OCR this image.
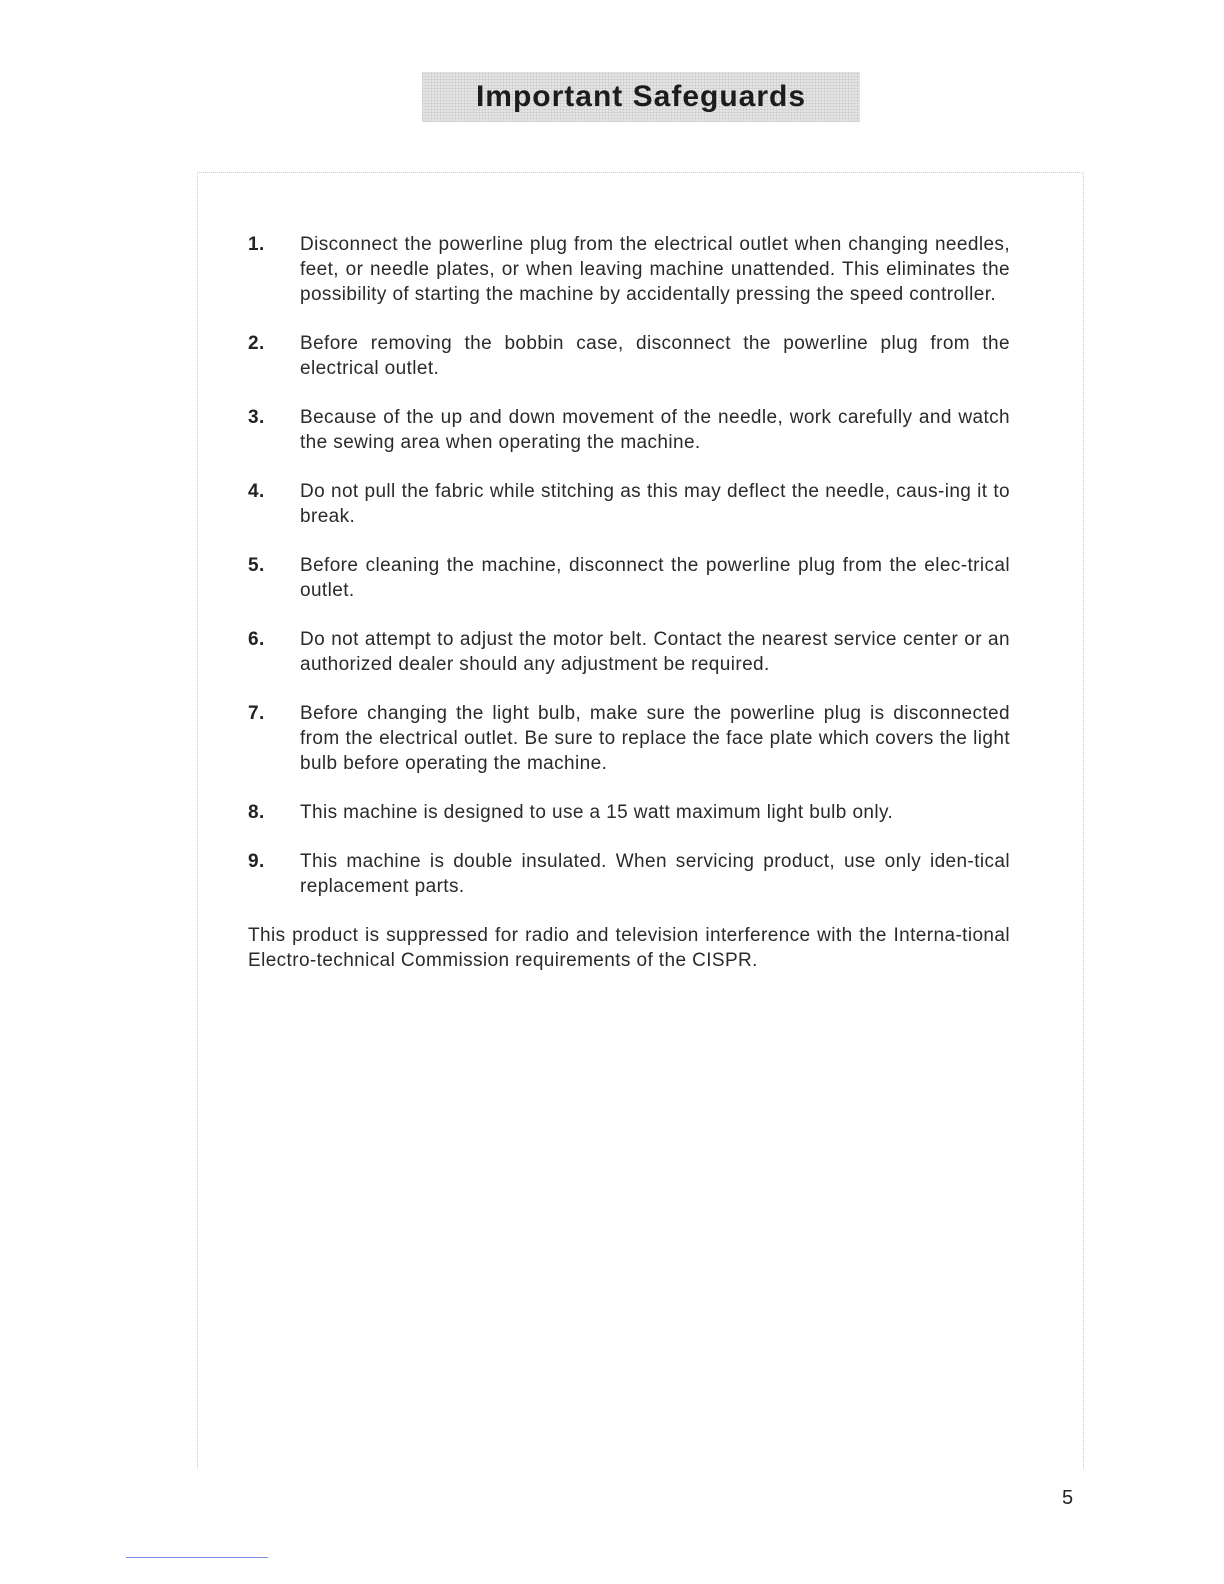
Important Safeguards
1.	Disconnect the powerline plug from the electrical outlet when changing needles, feet, or needle plates, or when leaving machine unattended. This eliminates the possibility of starting the machine by accidentally pressing the speed controller.
2.	Before removing the bobbin case, disconnect the powerline plug from the electrical outlet.
3.	Because of the up and down movement of the needle, work carefully and watch the sewing area when operating the machine.
4.	Do not pull the fabric while stitching as this may deflect the needle, caus-ing it to break.
5.	Before cleaning the machine, disconnect the powerline plug from the elec-trical outlet.
6.	Do not attempt to adjust the motor belt. Contact the nearest service center or an authorized dealer should any adjustment be required.
7.	Before changing the light bulb, make sure the powerline plug is disconnected from the electrical outlet. Be sure to replace the face plate which covers the light bulb before operating the machine.
8.	This machine is designed to use a 15 watt maximum light bulb only.
9.	This machine is double insulated. When servicing product, use only iden-tical replacement parts.
This product is suppressed for radio and television interference with the Interna-tional Electro-technical Commission requirements of the CISPR.
5
